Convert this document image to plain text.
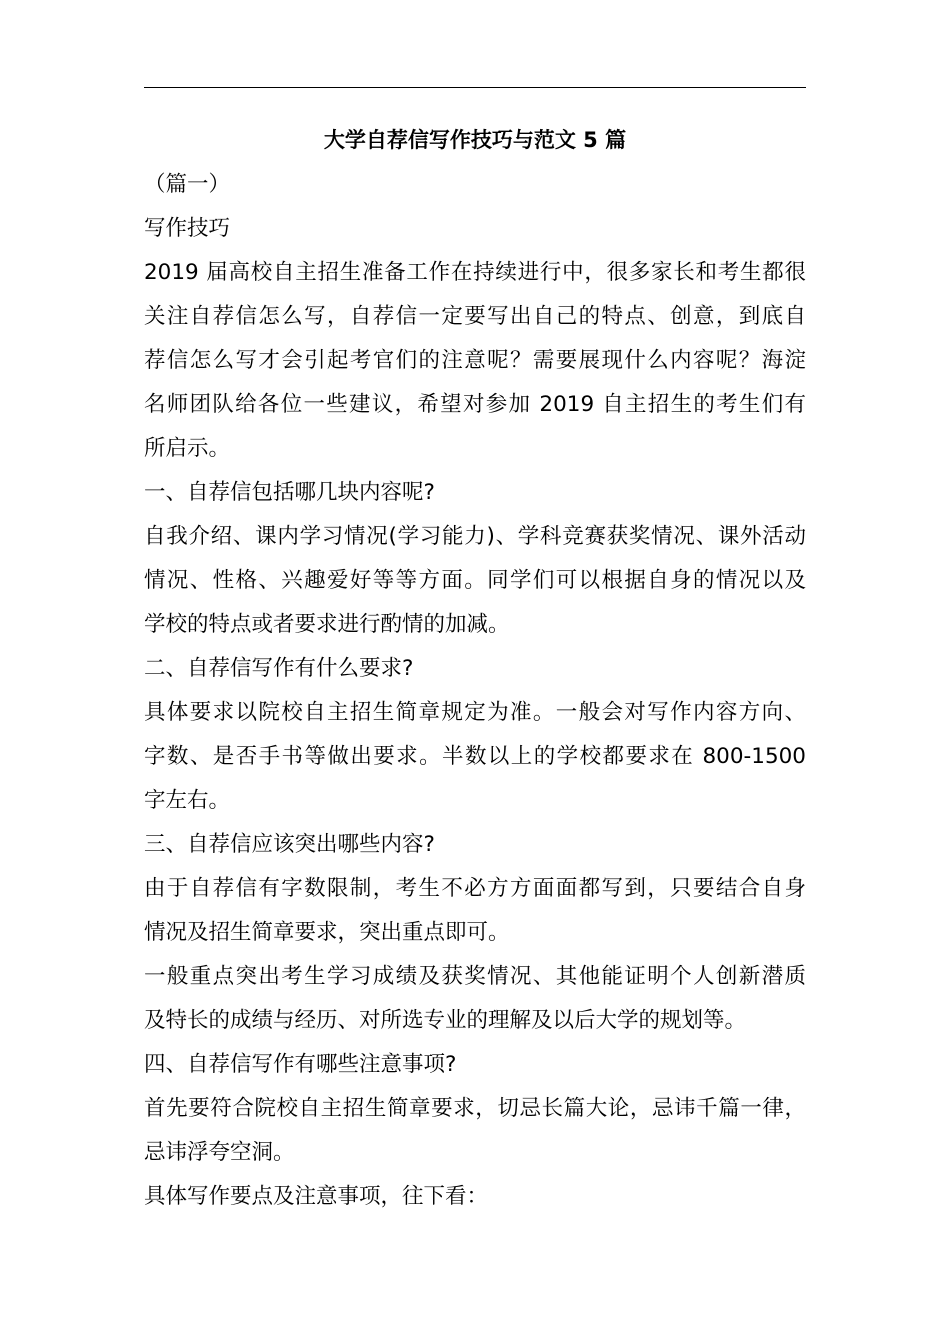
大学自荐信写作技巧与范文 5 篇
（篇一）
写作技巧
2019 届高校自主招生准备工作在持续进行中，很多家长和考生都很
关注自荐信怎么写，自荐信一定要写出自己的特点、创意，到底自
荐信怎么写才会引起考官们的注意呢？需要展现什么内容呢？海淀
名师团队给各位一些建议，希望对参加 2019 自主招生的考生们有
所启示。
一、自荐信包括哪几块内容呢?
自我介绍、课内学习情况(学习能力)、学科竞赛获奖情况、课外活动
情况、性格、兴趣爱好等等方面。同学们可以根据自身的情况以及
学校的特点或者要求进行酌情的加减。
二、自荐信写作有什么要求?
具体要求以院校自主招生简章规定为准。一般会对写作内容方向、
字数、是否手书等做出要求。半数以上的学校都要求在 800-1500
字左右。
三、自荐信应该突出哪些内容?
由于自荐信有字数限制，考生不必方方面面都写到，只要结合自身
情况及招生简章要求，突出重点即可。
一般重点突出考生学习成绩及获奖情况、其他能证明个人创新潜质
及特长的成绩与经历、对所选专业的理解及以后大学的规划等。
四、自荐信写作有哪些注意事项?
首先要符合院校自主招生简章要求，切忌长篇大论，忌讳千篇一律，
忌讳浮夸空洞。
具体写作要点及注意事项，往下看：
